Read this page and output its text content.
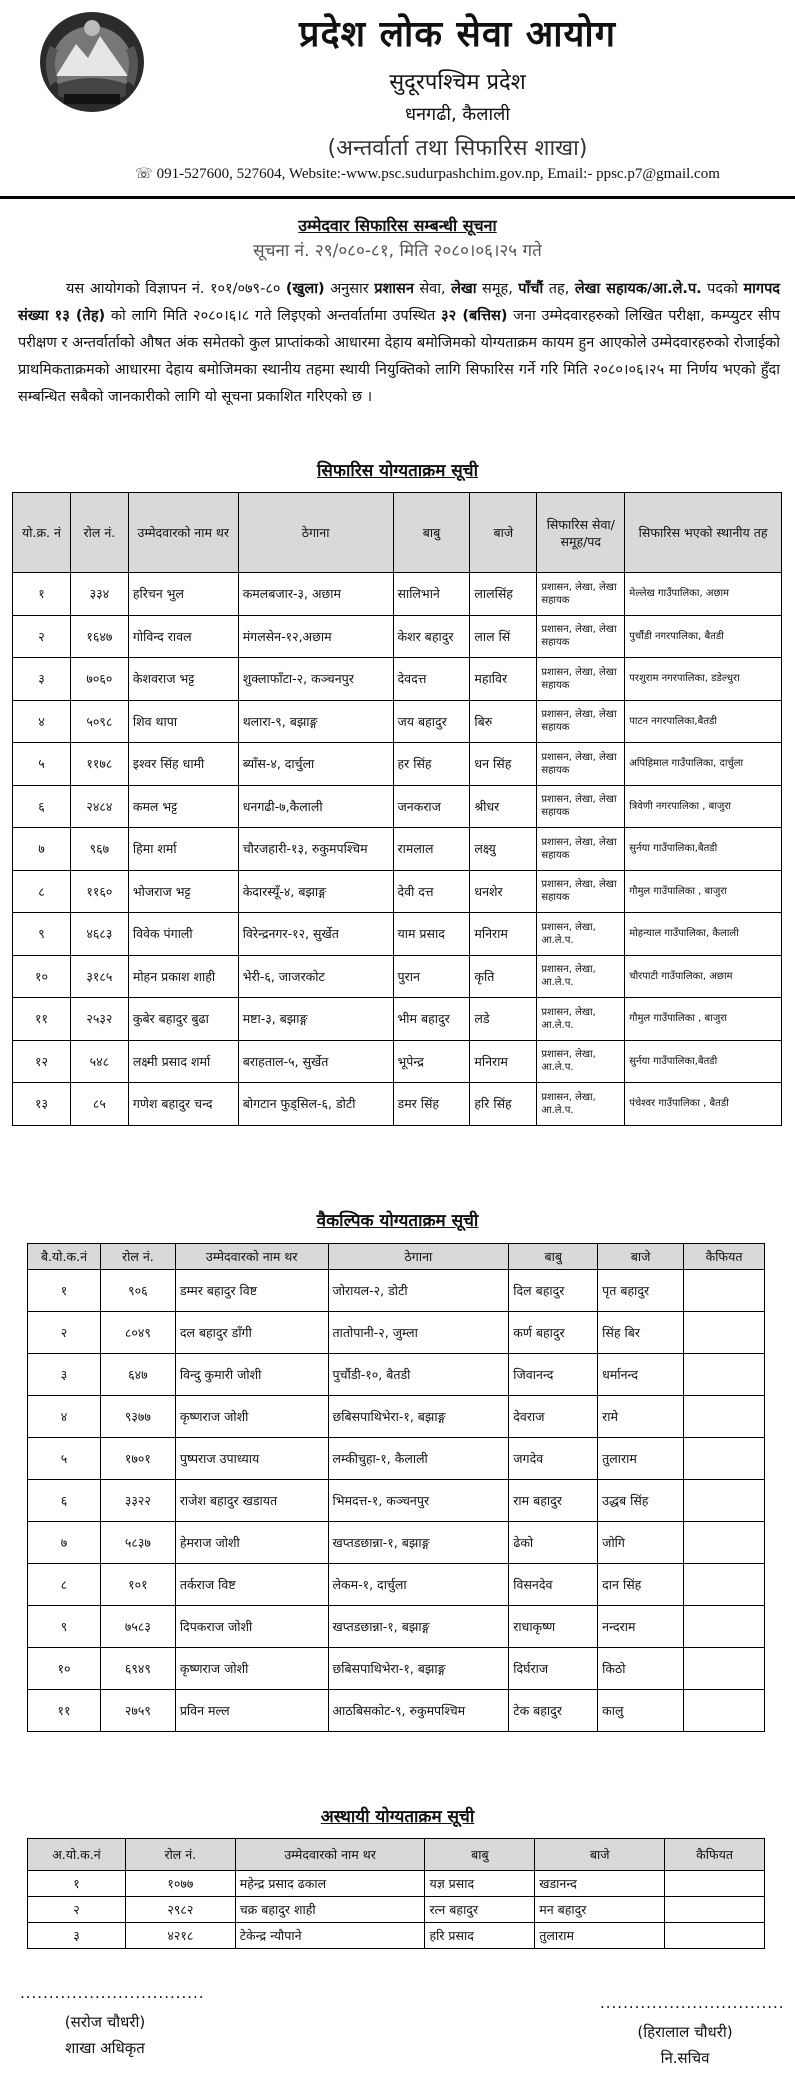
प्रदेश लोक सेवा आयोग
सुदूरपश्चिम प्रदेश
धनगढी, कैलाली
(अन्तर्वार्ता तथा सिफारिस शाखा)
☏ 091-527600, 527604, Website:-www.psc.sudurpashchim.gov.np, Email:- ppsc.p7@gmail.com
उम्मेदवार सिफारिस सम्बन्धी सूचना
सूचना नं. २९/०८०-८१, मिति २०८०।०६।२५ गते
यस आयोगको विज्ञापन नं. १०१/०७९-८० (खुला) अनुसार प्रशासन सेवा, लेखा समूह, पाँचौं तह, लेखा सहायक/आ.ले.प. पदको मागपद संख्या १३ (तेह) को लागि मिति २०८०।६।८ गते लिइएको अन्तर्वार्तामा उपस्थित ३२ (बत्तिस) जना उम्मेदवारहरुको लिखित परीक्षा, कम्प्युटर सीप परीक्षण र अन्तर्वार्ताको औषत अंक समेतको कुल प्राप्तांकको आधारमा देहाय बमोजिमको योग्यताक्रम कायम हुन आएकोले उम्मेदवारहरुको रोजाईको प्राथमिकताक्रमको आधारमा देहाय बमोजिमका स्थानीय तहमा स्थायी नियुक्तिको लागि सिफारिस गर्ने गरि मिति २०८०।०६।२५ मा निर्णय भएको हुँदा सम्बन्धित सबैको जानकारीको लागि यो सूचना प्रकाशित गरिएको छ ।
सिफारिस योग्यताक्रम सूची
यो.क्र. नं	रोल नं.	उम्मेदवारको नाम थर	ठेगाना	बाबु	बाजे	सिफारिस सेवा/समूह/पद	सिफारिस भएको स्थानीय तह
१	३३४	हरिचन भुल	कमलबजार-३, अछाम	सालिभाने	लालसिंह	प्रशासन, लेखा, लेखा सहायक	मेल्लेख गाउँपालिका, अछाम
२	१६४७	गोविन्द रावल	मंगलसेन-१२,अछाम	केशर बहादुर	लाल सिं	प्रशासन, लेखा, लेखा सहायक	पुर्चौडी नगरपालिका, बैतडी
३	७०६०	केशवराज भट्ट	शुक्लाफाँटा-२, कञ्चनपुर	देवदत्त	महाविर	प्रशासन, लेखा, लेखा सहायक	परशुराम नगरपालिका, डडेल्धुरा
४	५०९८	शिव थापा	थलारा-९, बझाङ्ग	जय बहादुर	बिरु	प्रशासन, लेखा, लेखा सहायक	पाटन नगरपालिका,बैतडी
५	११७८	इश्वर सिंह धामी	ब्याँस-४, दार्चुला	हर सिंह	धन सिंह	प्रशासन, लेखा, लेखा सहायक	अपिहिमाल गाउँपालिका, दार्चुला
६	२४८४	कमल भट्ट	धनगढी-७,कैलाली	जनकराज	श्रीधर	प्रशासन, लेखा, लेखा सहायक	त्रिवेणी नगरपालिका , बाजुरा
७	९६७	हिमा शर्मा	चौरजहारी-१३, रुकुमपश्चिम	रामलाल	लक्ष्यु	प्रशासन, लेखा, लेखा सहायक	सुर्नया गाउँपालिका,बैतडी
८	११६०	भोजराज भट्ट	केदारस्यूँ-४, बझाङ्ग	देवी दत्त	धनशेर	प्रशासन, लेखा, लेखा सहायक	गौमुल गाउँपालिका , बाजुरा
९	४६८३	विवेक पंगाली	विरेन्द्रनगर-१२, सुर्खेत	याम प्रसाद	मनिराम	प्रशासन, लेखा, आ.ले.प.	मोहन्याल गाउँपालिका, कैलाली
१०	३१८५	मोहन प्रकाश शाही	भेरी-६, जाजरकोट	पुरान	कृति	प्रशासन, लेखा, आ.ले.प.	चौरपाटी गाउँपालिका, अछाम
११	२५३२	कुबेर बहादुर बुढा	मष्टा-३, बझाङ्ग	भीम बहादुर	लडे	प्रशासन, लेखा, आ.ले.प.	गौमुल गाउँपालिका , बाजुरा
१२	५४८	लक्ष्मी प्रसाद शर्मा	बराहताल-५, सुर्खेत	भूपेन्द्र	मनिराम	प्रशासन, लेखा, आ.ले.प.	सुर्नया गाउँपालिका,बैतडी
१३	८५	गणेश बहादुर चन्द	बोगटान फुड्सिल-६, डोटी	डमर सिंह	हरि सिंह	प्रशासन, लेखा, आ.ले.प.	पंचेश्वर गाउँपालिका , बैतडी
वैकल्पिक योग्यताक्रम सूची
बै.यो.क.नं	रोल नं.	उम्मेदवारको नाम थर	ठेगाना	बाबु	बाजे	कैफियत
१	९०६	डम्मर बहादुर विष्ट	जोरायल-२, डोटी	दिल बहादुर	पृत बहादुर	
२	८०४९	दल बहादुर डाँगी	तातोपानी-२, जुम्ला	कर्ण बहादुर	सिंह बिर	
३	६४७	विन्दु कुमारी जोशी	पुर्चौडी-१०, बैतडी	जिवानन्द	धर्मानन्द	
४	९३७७	कृष्णराज जोशी	छबिसपाथिभेरा-१, बझाङ्ग	देवराज	रामे	
५	१७०१	पुष्पराज उपाध्याय	लम्कीचुहा-१, कैलाली	जगदेव	तुलाराम	
६	३३२२	राजेश बहादुर खडायत	भिमदत्त-१, कञ्चनपुर	राम बहादुर	उद्धब सिंह	
७	५८३७	हेमराज जोशी	खप्तडछान्ना-१, बझाङ्ग	ढेको	जोगि	
८	१०१	तर्कराज विष्ट	लेकम-१, दार्चुला	विसनदेव	दान सिंह	
९	७५८३	दिपकराज जोशी	खप्तडछान्ना-१, बझाङ्ग	राधाकृष्ण	नन्दराम	
१०	६९४९	कृष्णराज जोशी	छबिसपाथिभेरा-१, बझाङ्ग	दिर्घराज	किठो	
११	२७५९	प्रविन मल्ल	आठबिसकोट-९, रुकुमपश्चिम	टेक बहादुर	कालु	
अस्थायी योग्यताक्रम सूची
अ.यो.क.नं	रोल नं.	उम्मेदवारको नाम थर	बाबु	बाजे	कैफियत
१	१०७७	महेन्द्र प्रसाद ढकाल	यज्ञ प्रसाद	खडानन्द	
२	२९८२	चक्र बहादुर शाही	रत्न बहादुर	मन बहादुर	
३	४२१८	टेकेन्द्र न्यौपाने	हरि प्रसाद	तुलाराम	
................................
(सरोज चौधरी)
शाखा अधिकृत
................................
(हिरालाल चौधरी)
नि.सचिव
